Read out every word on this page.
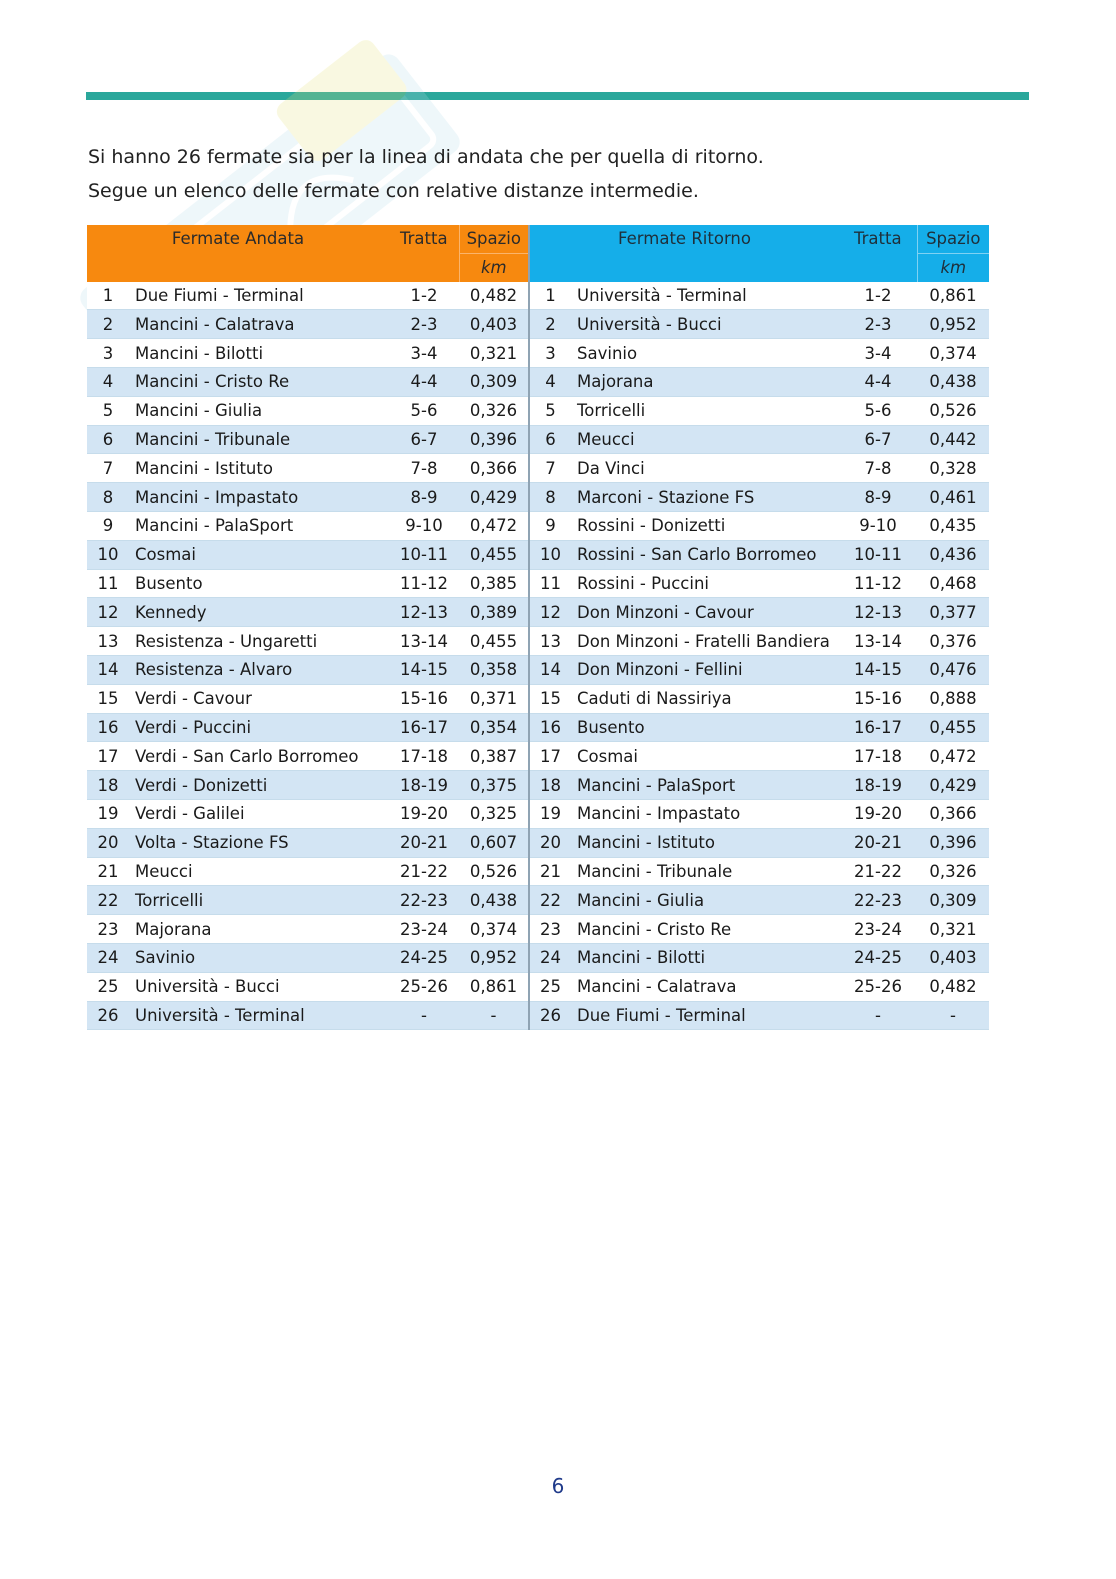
Si hanno 26 fermate sia per la linea di andata che per quella di ritorno.

Segue un elenco delle fermate con relative distanze intermedie.

Fermate Andata		Tratta	Spazio	Fermate Ritorno		Tratta	Spazio
			km				km
1	Due Fiumi - Terminal	1-2	0,482	1	Università - Terminal	1-2	0,861
2	Mancini - Calatrava	2-3	0,403	2	Università - Bucci	2-3	0,952
3	Mancini - Bilotti	3-4	0,321	3	Savinio	3-4	0,374
4	Mancini - Cristo Re	4-4	0,309	4	Majorana	4-4	0,438
5	Mancini - Giulia	5-6	0,326	5	Torricelli	5-6	0,526
6	Mancini - Tribunale	6-7	0,396	6	Meucci	6-7	0,442
7	Mancini - Istituto	7-8	0,366	7	Da Vinci	7-8	0,328
8	Mancini - Impastato	8-9	0,429	8	Marconi - Stazione FS	8-9	0,461
9	Mancini - PalaSport	9-10	0,472	9	Rossini - Donizetti	9-10	0,435
10	Cosmai	10-11	0,455	10	Rossini - San Carlo Borromeo	10-11	0,436
11	Busento	11-12	0,385	11	Rossini - Puccini	11-12	0,468
12	Kennedy	12-13	0,389	12	Don Minzoni - Cavour	12-13	0,377
13	Resistenza - Ungaretti	13-14	0,455	13	Don Minzoni - Fratelli Bandiera	13-14	0,376
14	Resistenza - Alvaro	14-15	0,358	14	Don Minzoni - Fellini	14-15	0,476
15	Verdi - Cavour	15-16	0,371	15	Caduti di Nassiriya	15-16	0,888
16	Verdi - Puccini	16-17	0,354	16	Busento	16-17	0,455
17	Verdi - San Carlo Borromeo	17-18	0,387	17	Cosmai	17-18	0,472
18	Verdi - Donizetti	18-19	0,375	18	Mancini - PalaSport	18-19	0,429
19	Verdi - Galilei	19-20	0,325	19	Mancini - Impastato	19-20	0,366
20	Volta - Stazione FS	20-21	0,607	20	Mancini - Istituto	20-21	0,396
21	Meucci	21-22	0,526	21	Mancini - Tribunale	21-22	0,326
22	Torricelli	22-23	0,438	22	Mancini - Giulia	22-23	0,309
23	Majorana	23-24	0,374	23	Mancini - Cristo Re	23-24	0,321
24	Savinio	24-25	0,952	24	Mancini - Bilotti	24-25	0,403
25	Università - Bucci	25-26	0,861	25	Mancini - Calatrava	25-26	0,482
26	Università - Terminal	-	-	26	Due Fiumi - Terminal	-	-
6
